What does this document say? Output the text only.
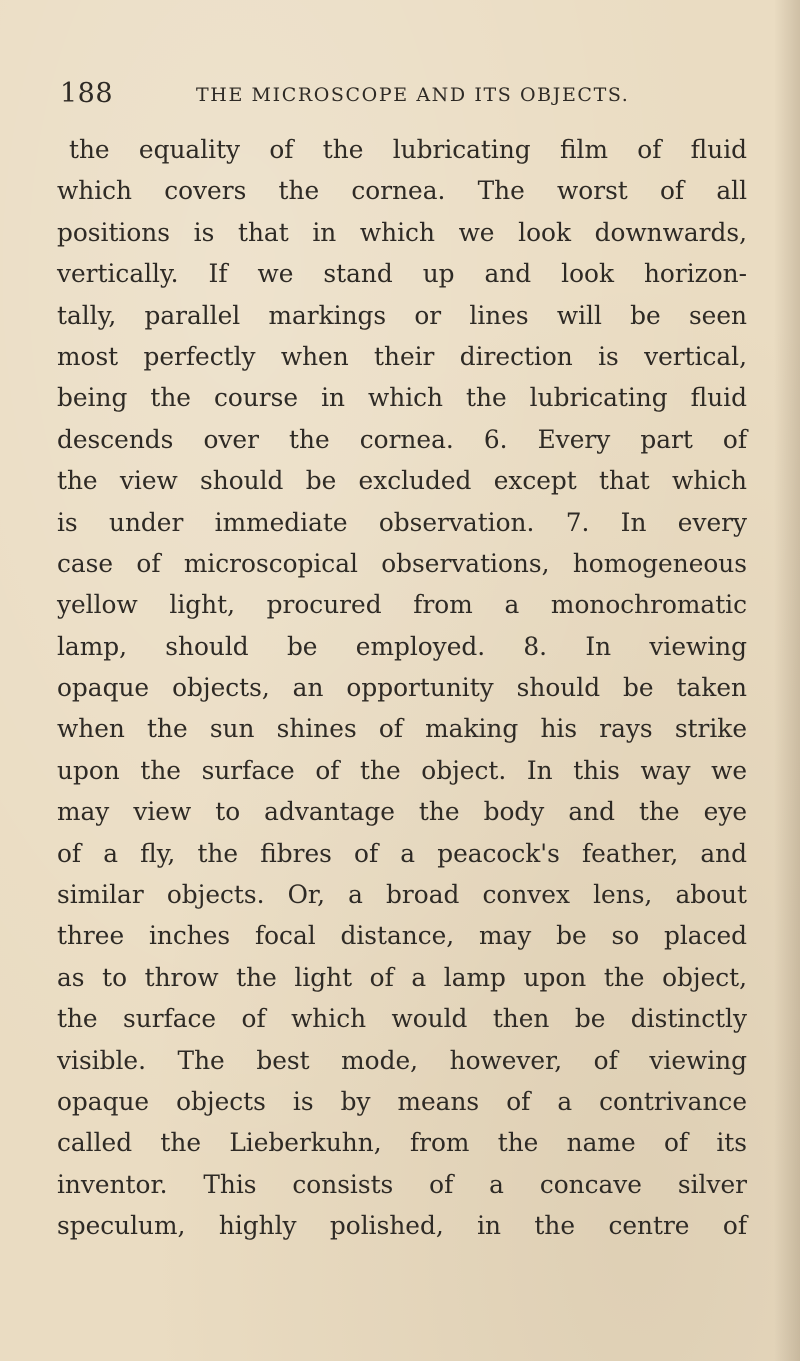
188	THE MICROSCOPE AND ITS OBJECTS.
the equality of the lubricating film of fluid
which covers the cornea. The worst of all
positions is that in which we look downwards,
vertically. If we stand up and look horizon-
tally, parallel markings or lines will be seen
most perfectly when their direction is vertical,
being the course in which the lubricating fluid
descends over the cornea. 6. Every part of
the view should be excluded except that which
is under immediate observation. 7. In every
case of microscopical observations, homogeneous
yellow light, procured from a monochromatic
lamp, should be employed. 8. In viewing
opaque objects, an opportunity should be taken
when the sun shines of making his rays strike
upon the surface of the object. In this way we
may view to advantage the body and the eye
of a fly, the fibres of a peacock's feather, and
similar objects. Or, a broad convex lens, about
three inches focal distance, may be so placed
as to throw the light of a lamp upon the object,
the surface of which would then be distinctly
visible. The best mode, however, of viewing
opaque objects is by means of a contrivance
called the Lieberkuhn, from the name of its
inventor. This consists of a concave silver
speculum, highly polished, in the centre of
